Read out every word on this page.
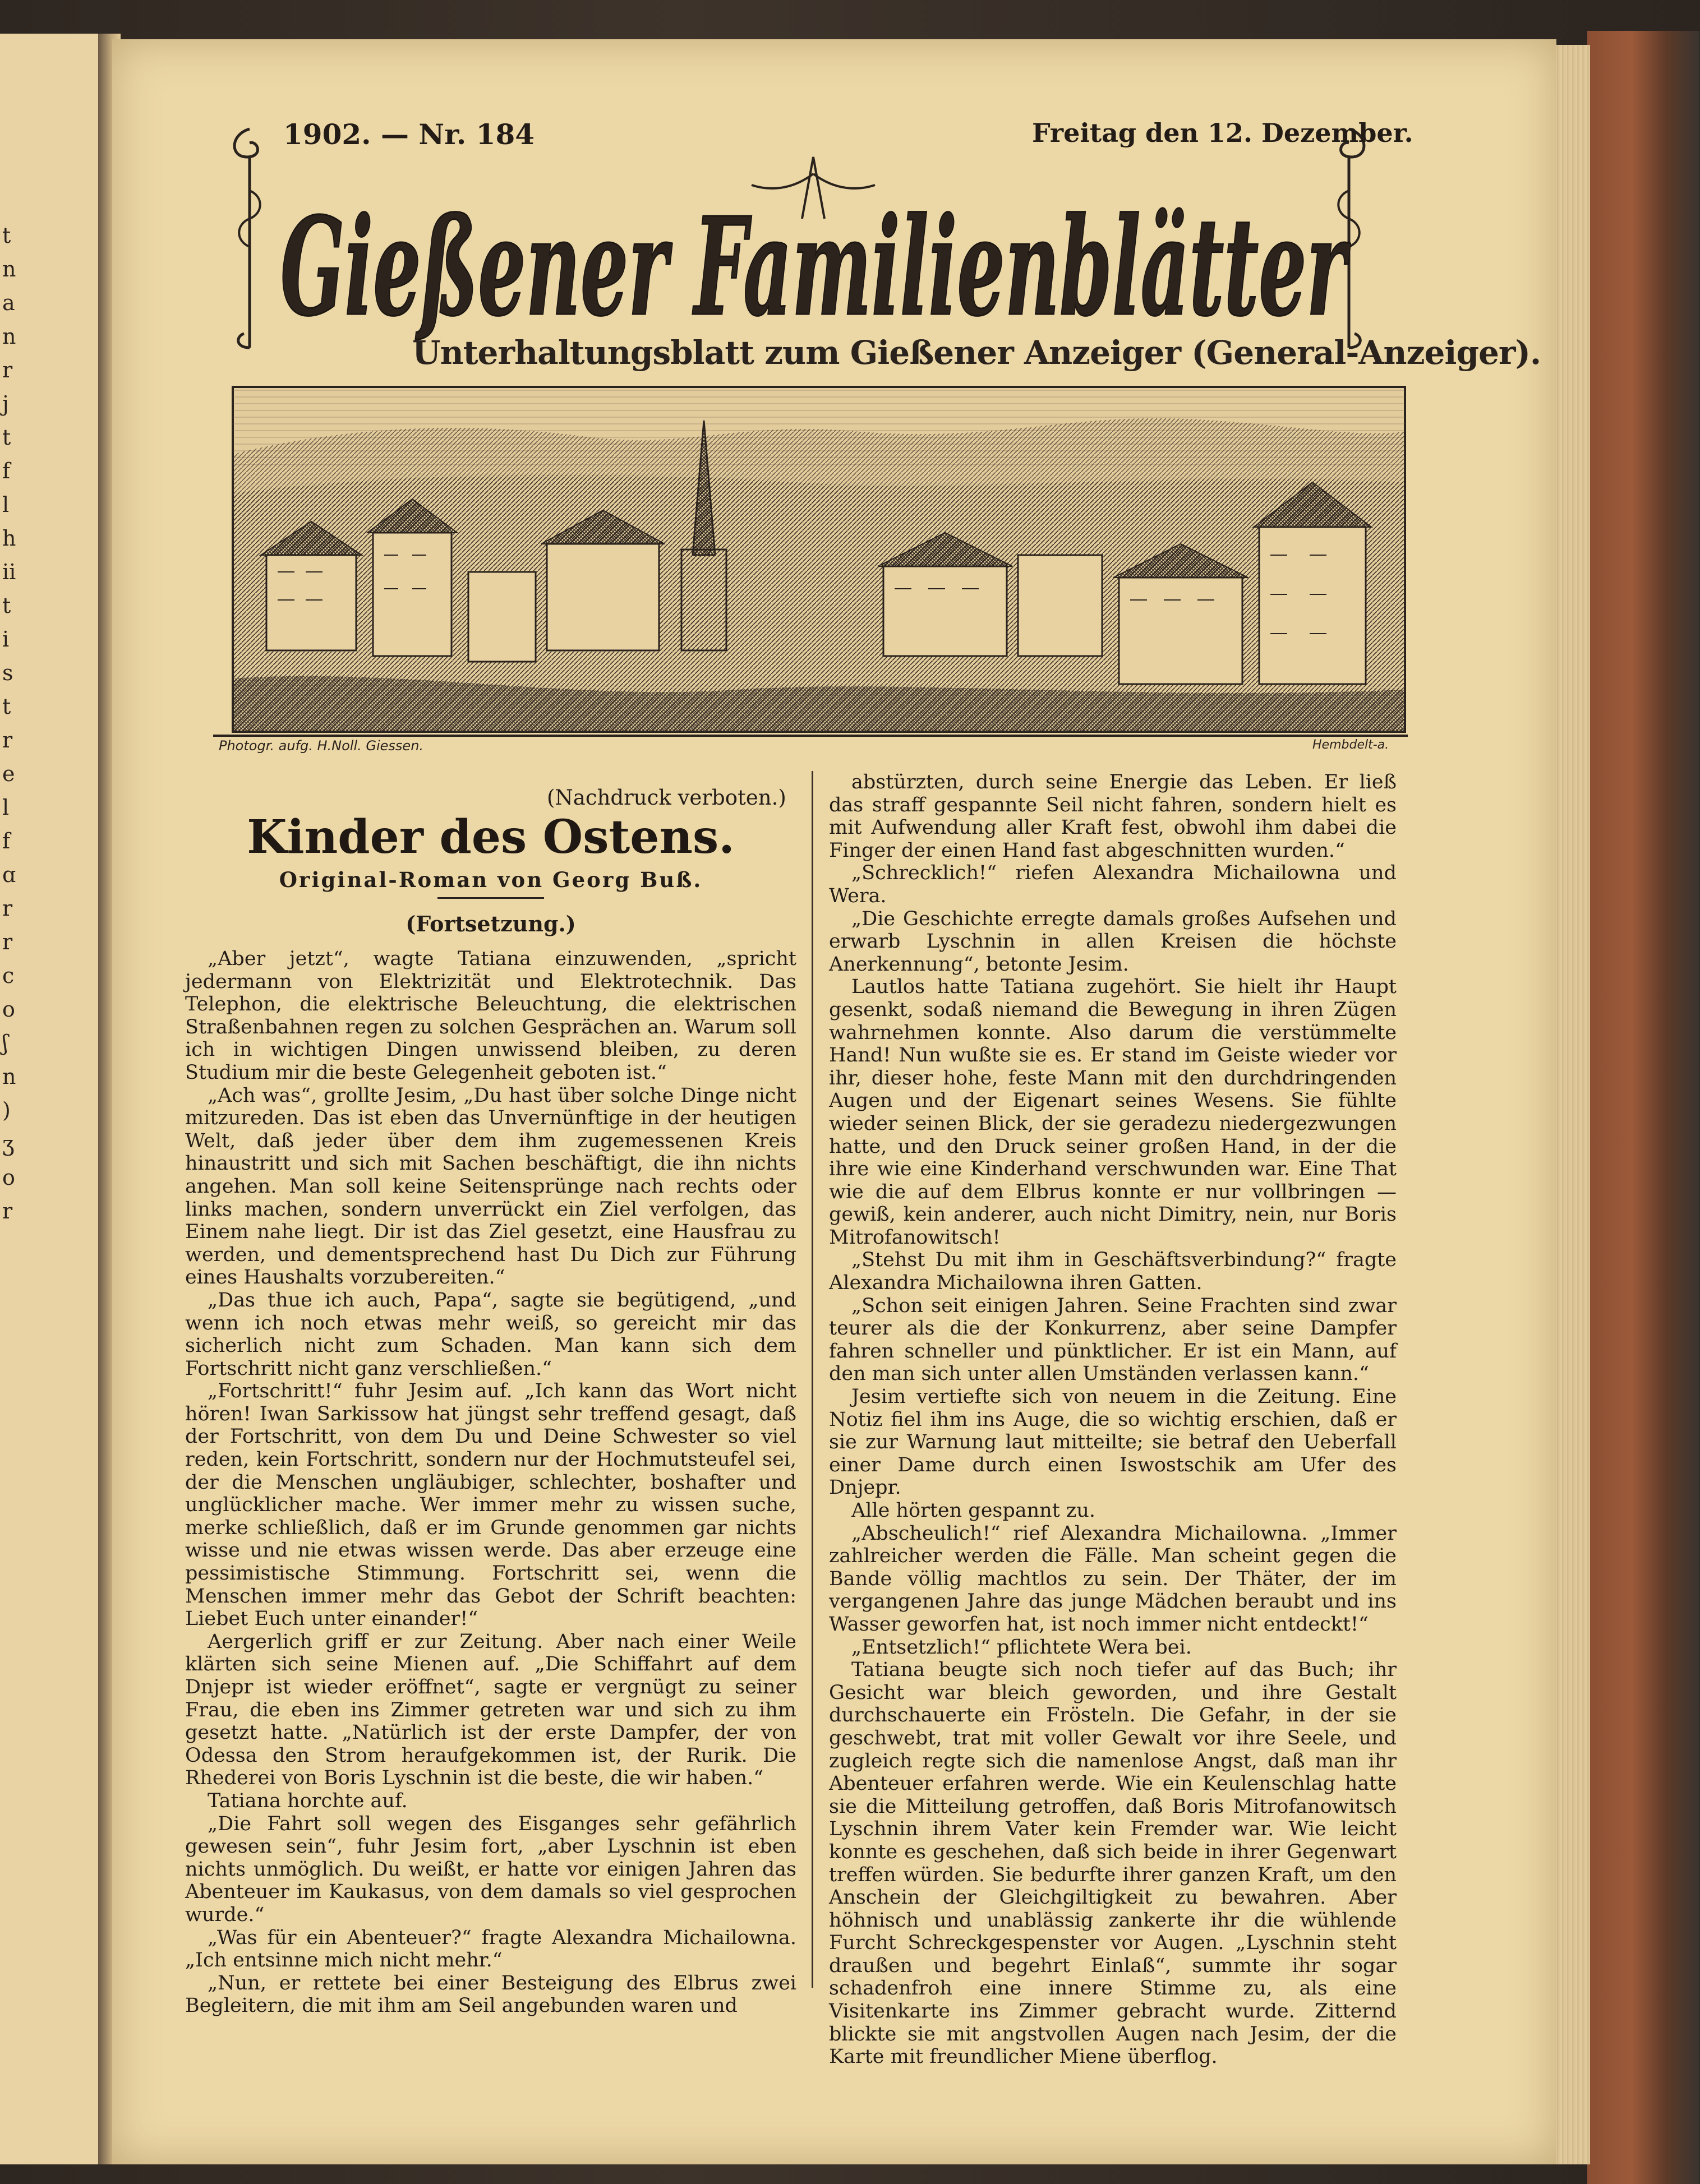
t
n
a
n
r
j
t
f
l
h
ii
t
i
s
t
r
e
l
f
ɑ
r
r
c
o
ʃ
n
)
ʒ
o
r
1902. — Nr. 184	Freitag den 12. Dezember.
Gießener Familienblätter
Unterhaltungsblatt zum Gießener Anzeiger (General-Anzeiger).
Photogr. aufg. H.Noll. Giessen.	Hembdelt-a.
(Nachdruck verboten.)
Kinder des Ostens.
Original-Roman von Georg Buß.
(Fortsetzung.)

„Aber jetzt“, wagte Tatiana einzuwenden, „spricht jedermann von Elektrizität und Elektrotechnik. Das Telephon, die elektrische Beleuchtung, die elektrischen Straßenbahnen regen zu solchen Gesprächen an. Warum soll ich in wichtigen Dingen unwissend bleiben, zu deren Studium mir die beste Gelegenheit geboten ist.“

„Ach was“, grollte Jesim, „Du hast über solche Dinge nicht mitzureden. Das ist eben das Unvernünftige in der heutigen Welt, daß jeder über dem ihm zugemessenen Kreis hinaustritt und sich mit Sachen beschäftigt, die ihn nichts angehen. Man soll keine Seitensprünge nach rechts oder links machen, sondern unverrückt ein Ziel verfolgen, das Einem nahe liegt. Dir ist das Ziel gesetzt, eine Hausfrau zu werden, und dementsprechend hast Du Dich zur Führung eines Haushalts vorzubereiten.“

„Das thue ich auch, Papa“, sagte sie begütigend, „und wenn ich noch etwas mehr weiß, so gereicht mir das sicherlich nicht zum Schaden. Man kann sich dem Fortschritt nicht ganz verschließen.“

„Fortschritt!“ fuhr Jesim auf. „Ich kann das Wort nicht hören! Iwan Sarkissow hat jüngst sehr treffend gesagt, daß der Fortschritt, von dem Du und Deine Schwester so viel reden, kein Fortschritt, sondern nur der Hochmutsteufel sei, der die Menschen ungläubiger, schlechter, boshafter und unglücklicher mache. Wer immer mehr zu wissen suche, merke schließlich, daß er im Grunde genommen gar nichts wisse und nie etwas wissen werde. Das aber erzeuge eine pessimistische Stimmung. Fortschritt sei, wenn die Menschen immer mehr das Gebot der Schrift beachten: Liebet Euch unter einander!“

Aergerlich griff er zur Zeitung. Aber nach einer Weile klärten sich seine Mienen auf. „Die Schiffahrt auf dem Dnjepr ist wieder eröffnet“, sagte er vergnügt zu seiner Frau, die eben ins Zimmer getreten war und sich zu ihm gesetzt hatte. „Natürlich ist der erste Dampfer, der von Odessa den Strom heraufgekommen ist, der Rurik. Die Rhederei von Boris Lyschnin ist die beste, die wir haben.“

Tatiana horchte auf.

„Die Fahrt soll wegen des Eisganges sehr gefährlich gewesen sein“, fuhr Jesim fort, „aber Lyschnin ist eben nichts unmöglich. Du weißt, er hatte vor einigen Jahren das Abenteuer im Kaukasus, von dem damals so viel gesprochen wurde.“

„Was für ein Abenteuer?“ fragte Alexandra Michailowna. „Ich entsinne mich nicht mehr.“

„Nun, er rettete bei einer Besteigung des Elbrus zwei Begleitern, die mit ihm am Seil angebunden waren und

abstürzten, durch seine Energie das Leben. Er ließ das straff gespannte Seil nicht fahren, sondern hielt es mit Aufwendung aller Kraft fest, obwohl ihm dabei die Finger der einen Hand fast abgeschnitten wurden.“

„Schrecklich!“ riefen Alexandra Michailowna und Wera.

„Die Geschichte erregte damals großes Aufsehen und erwarb Lyschnin in allen Kreisen die höchste Anerkennung“, betonte Jesim.

Lautlos hatte Tatiana zugehört. Sie hielt ihr Haupt gesenkt, sodaß niemand die Bewegung in ihren Zügen wahrnehmen konnte. Also darum die verstümmelte Hand! Nun wußte sie es. Er stand im Geiste wieder vor ihr, dieser hohe, feste Mann mit den durchdringenden Augen und der Eigenart seines Wesens. Sie fühlte wieder seinen Blick, der sie geradezu niedergezwungen hatte, und den Druck seiner großen Hand, in der die ihre wie eine Kinderhand verschwunden war. Eine That wie die auf dem Elbrus konnte er nur vollbringen — gewiß, kein anderer, auch nicht Dimitry, nein, nur Boris Mitrofanowitsch!

„Stehst Du mit ihm in Geschäftsverbindung?“ fragte Alexandra Michailowna ihren Gatten.

„Schon seit einigen Jahren. Seine Frachten sind zwar teurer als die der Konkurrenz, aber seine Dampfer fahren schneller und pünktlicher. Er ist ein Mann, auf den man sich unter allen Umständen verlassen kann.“

Jesim vertiefte sich von neuem in die Zeitung. Eine Notiz fiel ihm ins Auge, die so wichtig erschien, daß er sie zur Warnung laut mitteilte; sie betraf den Ueberfall einer Dame durch einen Iswostschik am Ufer des Dnjepr.

Alle hörten gespannt zu.

„Abscheulich!“ rief Alexandra Michailowna. „Immer zahlreicher werden die Fälle. Man scheint gegen die Bande völlig machtlos zu sein. Der Thäter, der im vergangenen Jahre das junge Mädchen beraubt und ins Wasser geworfen hat, ist noch immer nicht entdeckt!“

„Entsetzlich!“ pflichtete Wera bei.

Tatiana beugte sich noch tiefer auf das Buch; ihr Gesicht war bleich geworden, und ihre Gestalt durchschauerte ein Frösteln. Die Gefahr, in der sie geschwebt, trat mit voller Gewalt vor ihre Seele, und zugleich regte sich die namenlose Angst, daß man ihr Abenteuer erfahren werde. Wie ein Keulenschlag hatte sie die Mitteilung getroffen, daß Boris Mitrofanowitsch Lyschnin ihrem Vater kein Fremder war. Wie leicht konnte es geschehen, daß sich beide in ihrer Gegenwart treffen würden. Sie bedurfte ihrer ganzen Kraft, um den Anschein der Gleichgiltigkeit zu bewahren. Aber höhnisch und unablässig zankerte ihr die wühlende Furcht Schreckgespenster vor Augen. „Lyschnin steht draußen und begehrt Einlaß“, summte ihr sogar schadenfroh eine innere Stimme zu, als eine Visitenkarte ins Zimmer gebracht wurde. Zitternd blickte sie mit angstvollen Augen nach Jesim, der die Karte mit freundlicher Miene überflog.
